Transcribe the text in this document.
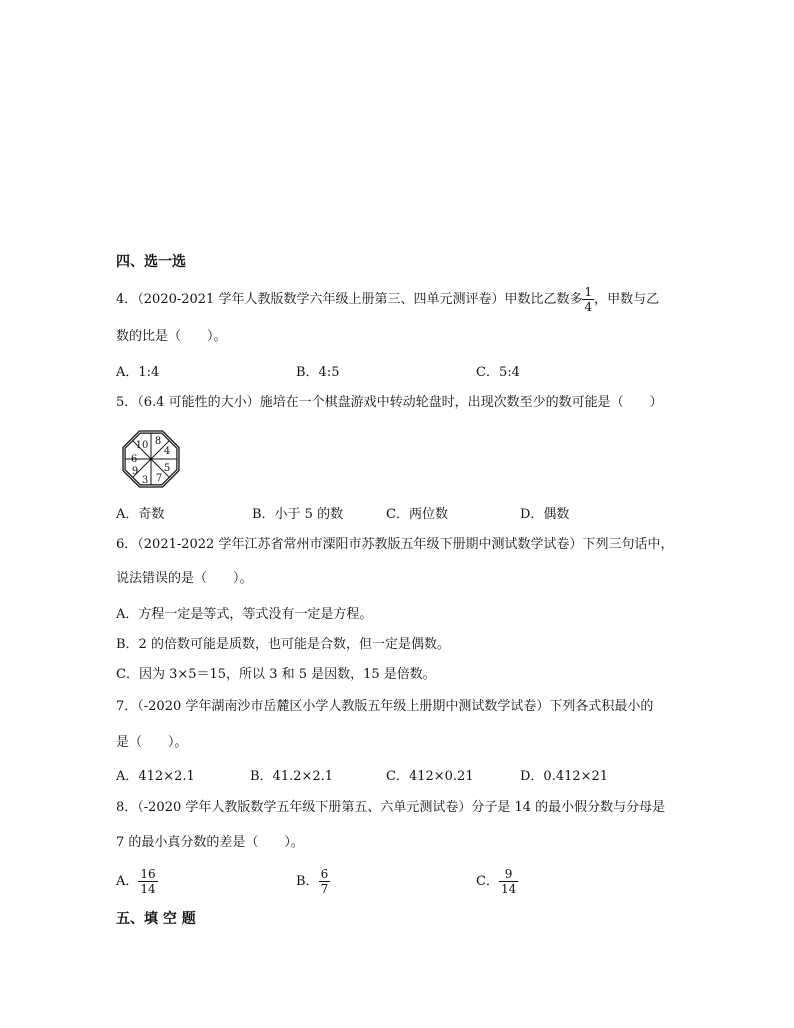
四、选一选
4．（2020-2021 学年人教版数学六年级上册第三、四单元测评卷）甲数比乙数多 $\frac{1}{4}$ ，甲数与乙
数的比是（　　）。
A．1:4	B．4:5	C．5:4
5．（6.4 可能性的大小）施培在一个棋盘游戏中转动轮盘时，出现次数至少的数可能是（　　）
8
4
5
7
3
9
6
10
A．奇数	B．小于 5 的数	C．两位数	D．偶数
6．（2021-2022 学年江苏省常州市溧阳市苏教版五年级下册期中测试数学试卷）下列三句话中，
说法错误的是（　　）。
A．方程一定是等式，等式没有一定是方程。
B．2 的倍数可能是质数，也可能是合数，但一定是偶数。
C．因为 3×5＝15，所以 3 和 5 是因数，15 是倍数。
7．（-2020 学年湖南沙市岳麓区小学人教版五年级上册期中测试数学试卷）下列各式积最小的
是（　　）。
A．412×2.1	B．41.2×2.1	C．412×0.21	D．0.412×21
8．（-2020 学年人教版数学五年级下册第五、六单元测试卷）分子是 14 的最小假分数与分母是
7 的最小真分数的差是（　　）。
A． $\frac{16}{14}$	B． $\frac{6}{7}$	C． $\frac{9}{14}$
五、填 空 题
